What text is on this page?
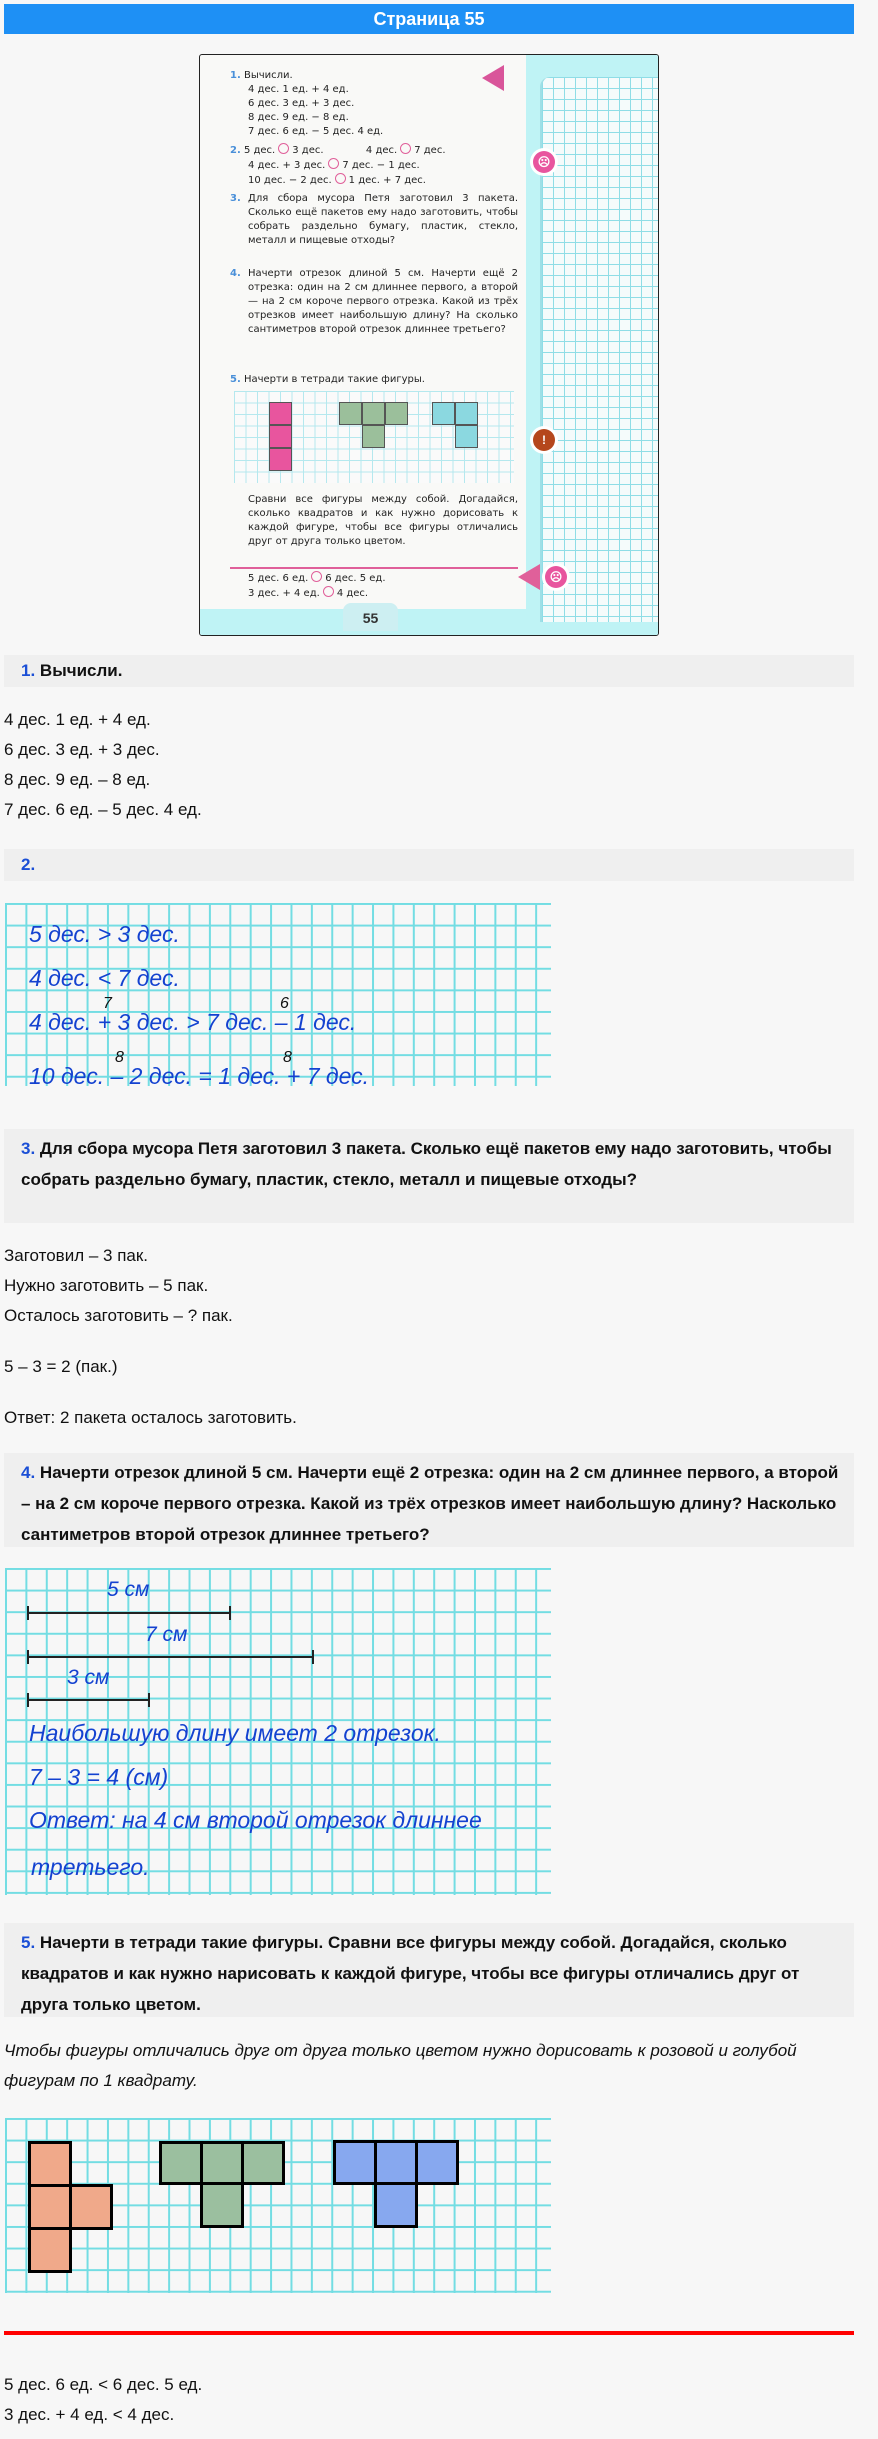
Страница 55
55
1. Вычисли.
4 дес. 1 ед. + 4 ед.
6 дес. 3 ед. + 3 дес.
8 дес. 9 ед. − 8 ед.
7 дес. 6 ед. − 5 дес. 4 ед.
2. 5 дес. 3 дес.	4 дес. 7 дес.
4 дес. + 3 дес. 7 дес. − 1 дес.
10 дес. − 2 дес. 1 дес. + 7 дес.
☹
3. Для сбора мусора Петя заготовил 3 пакета. Сколько ещё пакетов ему надо заготовить, чтобы собрать раздельно бумагу, пластик, стекло, металл и пищевые отходы?
4. Начерти отрезок длиной 5 см. Начерти ещё 2 отрезка: один на 2 см длиннее первого, а второй — на 2 см короче первого отрезка. Какой из трёх отрезков имеет наибольшую длину? На сколько сантиметров второй отрезок длиннее третьего?
5. Начерти в тетради такие фигуры.
!
Сравни все фигуры между собой. Догадайся, сколько квадратов и как нужно дорисовать к каждой фигуре, чтобы все фигуры отличались друг от друга только цветом.
5 дес. 6 ед. 6 дес. 5 ед.
3 дес. + 4 ед. 4 дес.
☹
1. Вычисли.
4 дес. 1 ед. + 4 ед.
6 дес. 3 ед. + 3 дес.
8 дес. 9 ед. – 8 ед.
7 дес. 6 ед. – 5 дес. 4 ед.
2.
5 дес. > 3 дес.
4 дес. < 7 дес.
7	6
4 дес. + 3 дес. > 7 дес. – 1 дес.
8	8
10 дес. – 2 дес. = 1 дес. + 7 дес.
3. Для сбора мусора Петя заготовил 3 пакета. Сколько ещё пакетов ему надо заготовить, чтобы собрать раздельно бумагу, пластик, стекло, металл и пищевые отходы?
Заготовил – 3 пак.
Нужно заготовить – 5 пак.
Осталось заготовить – ? пак.
5 – 3 = 2 (пак.)
Ответ: 2 пакета осталось заготовить.
4. Начерти отрезок длиной 5 см. Начерти ещё 2 отрезка: один на 2 см длиннее первого, а второй – на 2 см короче первого отрезка. Какой из трёх отрезков имеет наибольшую длину? Насколько сантиметров второй отрезок длиннее третьего?
5 см
7 см
3 см
Наибольшую длину имеет 2 отрезок.
7 – 3 = 4 (см)
Ответ: на 4 см второй отрезок длиннее
третьего.
5. Начерти в тетради такие фигуры. Сравни все фигуры между собой. Догадайся, сколько квадратов и как нужно нарисовать к каждой фигуре, чтобы все фигуры отличались друг от друга только цветом.
Чтобы фигуры отличались друг от друга только цветом нужно дорисовать к розовой и голубой фигурам по 1 квадрату.
5 дес. 6 ед. < 6 дес. 5 ед.
3 дес. + 4 ед. < 4 дес.
